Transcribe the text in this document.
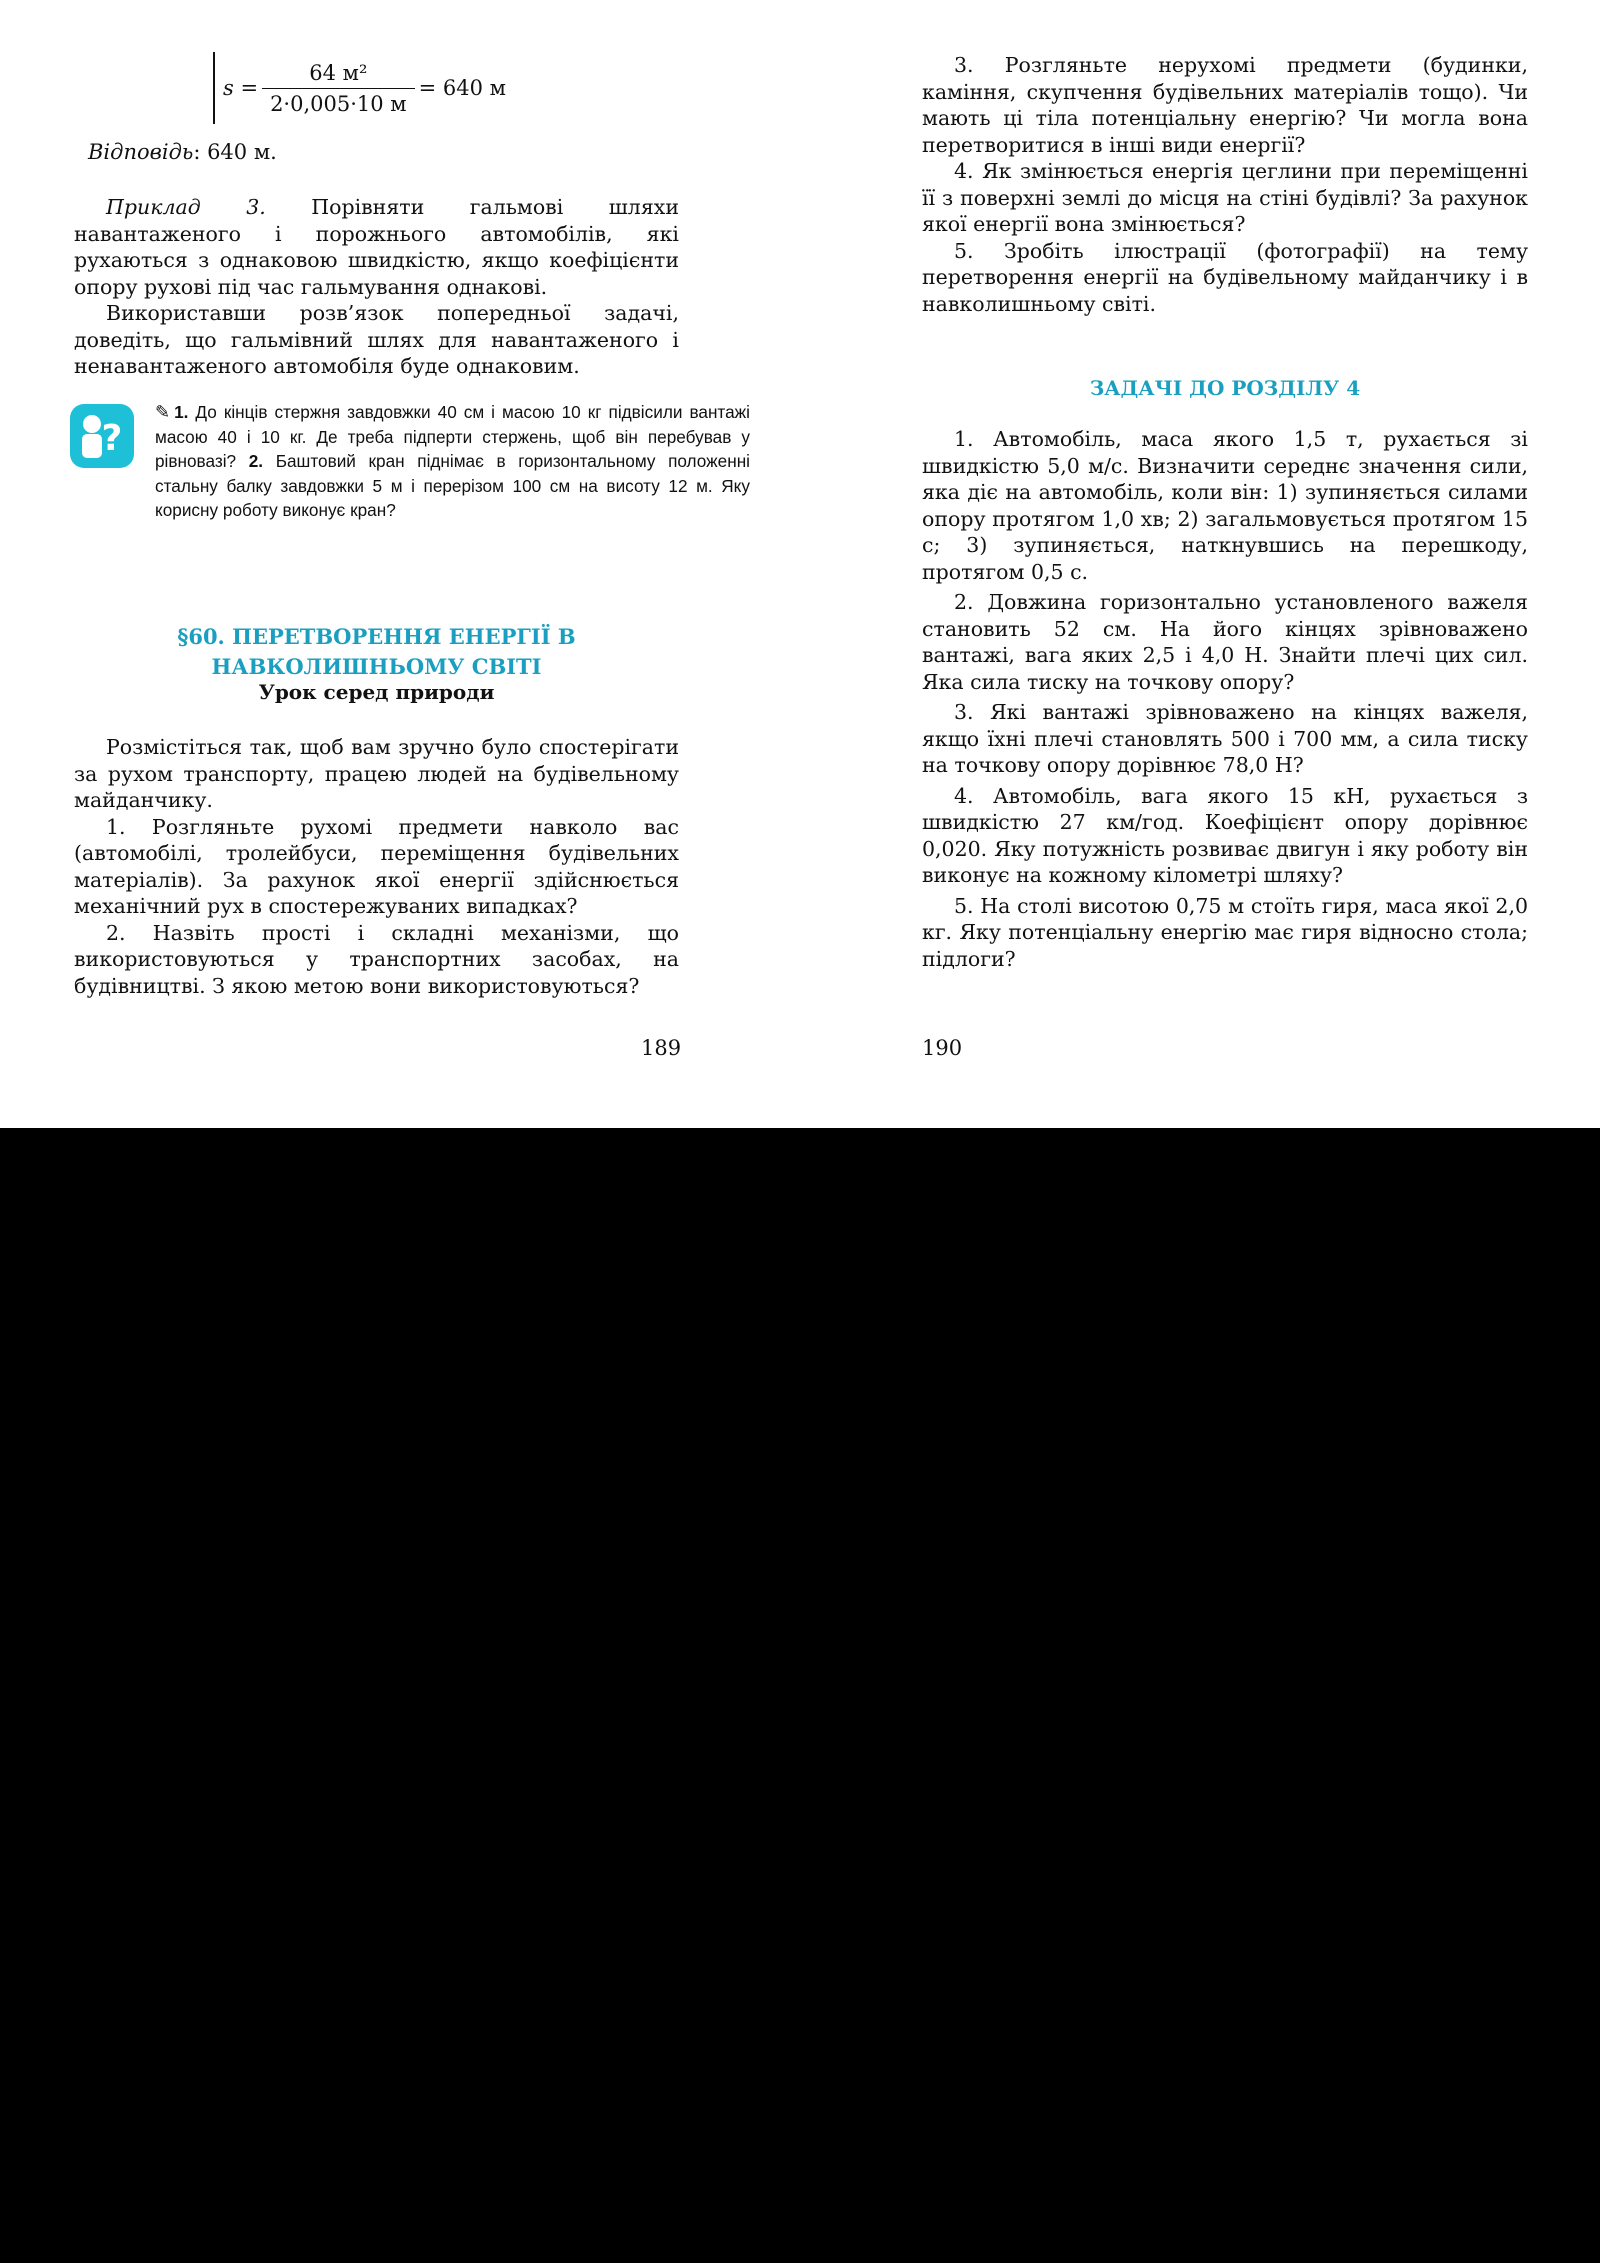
$s = \frac{\text{64 м²}}{2\cdot 0,005\cdot 10 м} = 640$ м
Відповідь: 640 м.

Приклад 3. Порівняти гальмові шляхи навантаженого і порожнього автомобілів, які рухаються з однаковою швидкістю, якщо коефіцієнти опору рухові під час гальмування однакові.

Використавши розв’язок попередньої задачі, доведіть, що гальмівний шлях для навантаженого і ненавантаженого автомобіля буде однаковим.

?
✎ 1. До кінців стержня завдовжки 40 см і масою 10 кг підвісили вантажі масою 40 і 10 кг. Де треба підперти стержень, щоб він перебував у рівновазі? 2. Баштовий кран піднімає в горизонтальному положенні стальну балку завдовжки 5 м і перерізом 100 см на висоту 12 м. Яку корисну роботу виконує кран?
§60. ПЕРЕТВОРЕННЯ ЕНЕРГІЇ В
НАВКОЛИШНЬОМУ СВІТІ
Урок серед природи

Розмістіться так, щоб вам зручно було спостерігати за рухом транспорту, працею людей на будівельному майданчику.

1. Розгляньте рухомі предмети навколо вас (автомобілі, тролейбуси, переміщення будівельних матеріалів). За рахунок якої енергії здійснюється механічний рух в спостережуваних випадках?

2. Назвіть прості і складні механізми, що використовуються у транспортних засобах, на будівництві. З якою метою вони використовуються?

189

3. Розгляньте нерухомі предмети (будинки, каміння, скупчення будівельних матеріалів тощо). Чи мають ці тіла потенціальну енергію? Чи могла вона перетворитися в інші види енергії?

4. Як змінюється енергія цеглини при переміщенні її з поверхні землі до місця на стіні будівлі? За рахунок якої енергії вона змінюється?

5. Зробіть ілюстрації (фотографії) на тему перетворення енергії на будівельному майданчику і в навколишньому світі.

ЗАДАЧІ ДО РОЗДІЛУ 4

1. Автомобіль, маса якого 1,5 т, рухається зі швидкістю 5,0 м/с. Визначити середнє значення сили, яка діє на автомобіль, коли він: 1) зупиняється силами опору протягом 1,0 хв; 2) загальмовується протягом 15 с; 3) зупиняється, наткнувшись на перешкоду, протягом 0,5 с.

2. Довжина горизонтально установленого важеля становить 52 см. На його кінцях зрівноважено вантажі, вага яких 2,5 і 4,0 Н. Знайти плечі цих сил. Яка сила тиску на точкову опору?

3. Які вантажі зрівноважено на кінцях важеля, якщо їхні плечі становлять 500 і 700 мм, а сила тиску на точкову опору дорівнює 78,0 Н?

4. Автомобіль, вага якого 15 кН, рухається з швидкістю 27 км/год. Коефіцієнт опору дорівнює 0,020. Яку потужність розвиває двигун і яку роботу він виконує на кожному кілометрі шляху?

5. На столі висотою 0,75 м стоїть гиря, маса якої 2,0 кг. Яку потенціальну енергію має гиря відносно стола; підлоги?

190
